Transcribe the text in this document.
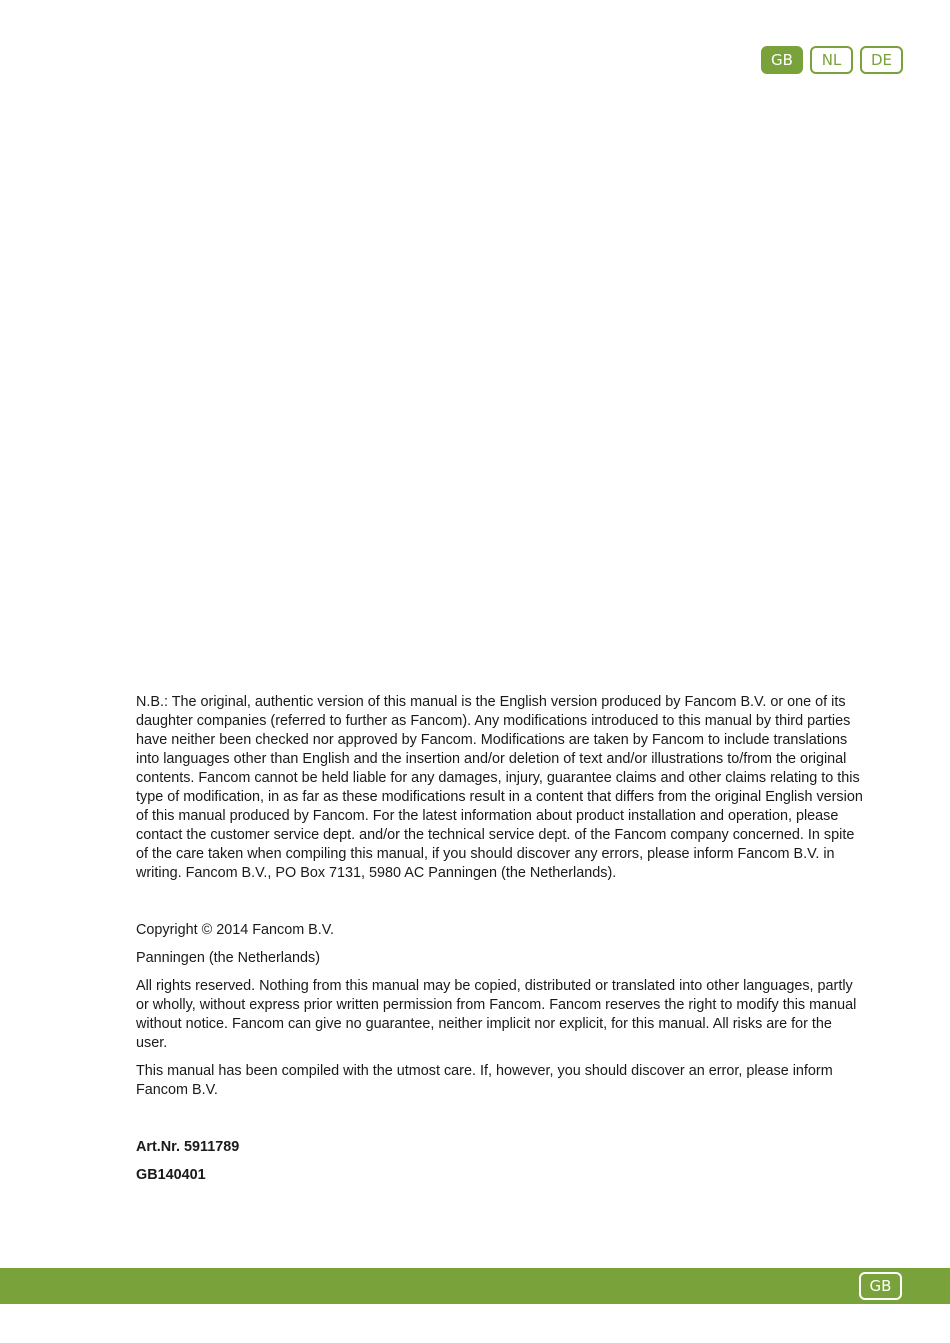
GB	NL	DE

N.B.: The original, authentic version of this manual is the English version produced by Fancom B.V. or one of its daughter companies (referred to further as Fancom). Any modifications introduced to this manual by third parties have neither been checked nor approved by Fancom. Modifications are taken by Fancom to include translations into languages other than English and the insertion and/or deletion of text and/or illustrations to/from the original contents. Fancom cannot be held liable for any damages, injury, guarantee claims and other claims relating to this type of modification, in as far as these modifications result in a content that differs from the original English version of this manual produced by Fancom. For the latest information about product installation and operation, please contact the customer service dept. and/or the technical service dept. of the Fancom company concerned. In spite of the care taken when compiling this manual, if you should discover any errors, please inform Fancom B.V. in writing. Fancom B.V., PO Box 7131, 5980 AC Panningen (the Netherlands).

Copyright © 2014 Fancom B.V.

Panningen (the Netherlands)

All rights reserved. Nothing from this manual may be copied, distributed or translated into other languages, partly or wholly, without express prior written permission from Fancom. Fancom reserves the right to modify this manual without notice. Fancom can give no guarantee, neither implicit nor explicit, for this manual. All risks are for the user.

This manual has been compiled with the utmost care. If, however, you should discover an error, please inform Fancom B.V.

Art.Nr. 5911789

GB140401

GB
